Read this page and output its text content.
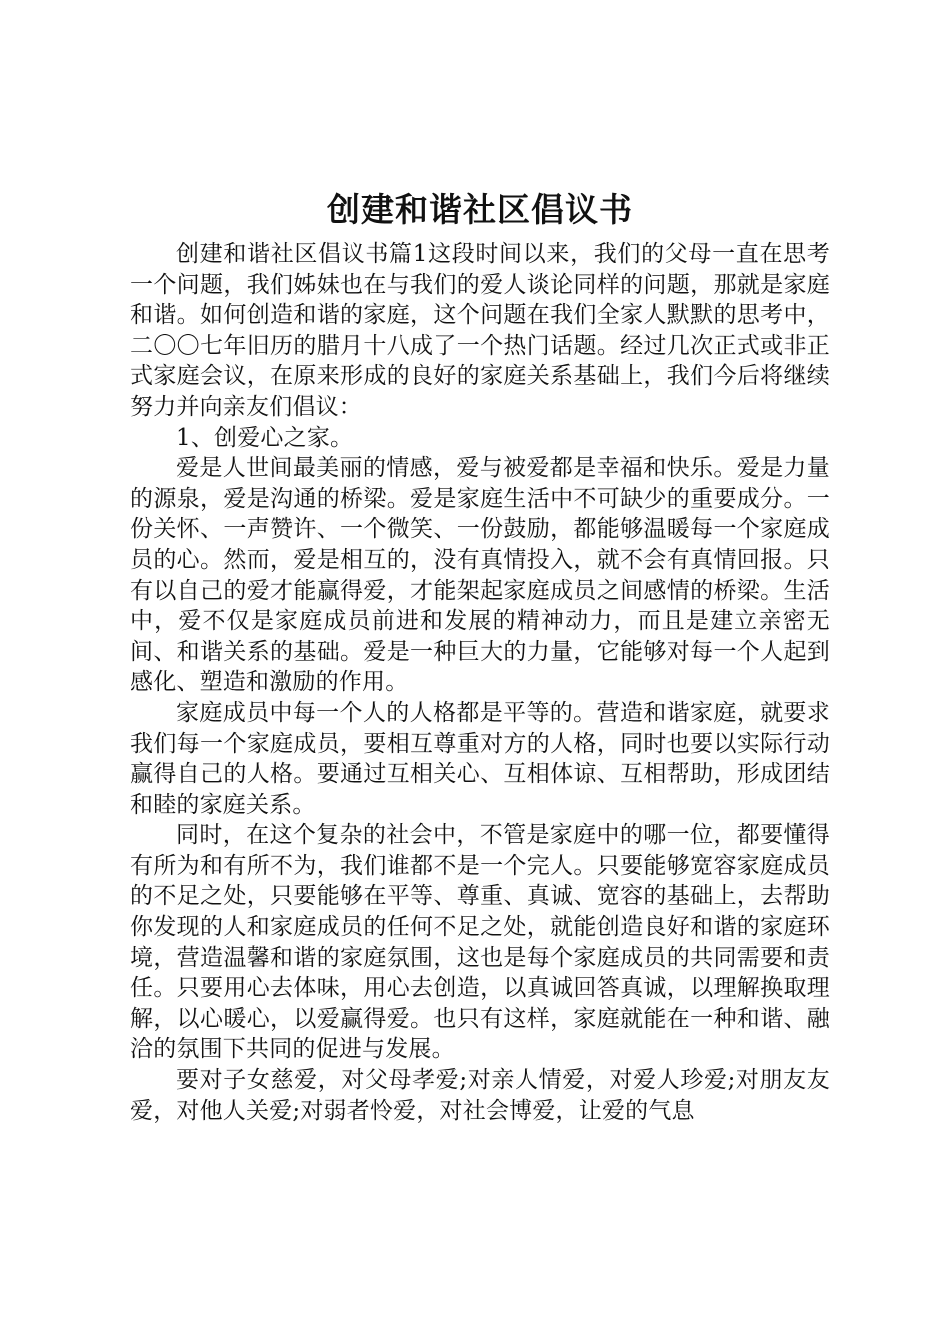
创建和谐社区倡议书

创建和谐社区倡议书篇1这段时间以来，我们的父母一直在思考一个问题，我们姊妹也在与我们的爱人谈论同样的问题，那就是家庭和谐。如何创造和谐的家庭，这个问题在我们全家人默默的思考中，二〇〇七年旧历的腊月十八成了一个热门话题。经过几次正式或非正式家庭会议，在原来形成的良好的家庭关系基础上，我们今后将继续努力并向亲友们倡议：

1、创爱心之家。

爱是人世间最美丽的情感，爱与被爱都是幸福和快乐。爱是力量的源泉，爱是沟通的桥梁。爱是家庭生活中不可缺少的重要成分。一份关怀、一声赞许、一个微笑、一份鼓励，都能够温暖每一个家庭成员的心。然而，爱是相互的，没有真情投入，就不会有真情回报。只有以自己的爱才能赢得爱，才能架起家庭成员之间感情的桥梁。生活中，爱不仅是家庭成员前进和发展的精神动力，而且是建立亲密无间、和谐关系的基础。爱是一种巨大的力量，它能够对每一个人起到感化、塑造和激励的作用。

家庭成员中每一个人的人格都是平等的。营造和谐家庭，就要求我们每一个家庭成员，要相互尊重对方的人格，同时也要以实际行动赢得自己的人格。要通过互相关心、互相体谅、互相帮助，形成团结和睦的家庭关系。

同时，在这个复杂的社会中，不管是家庭中的哪一位，都要懂得有所为和有所不为，我们谁都不是一个完人。只要能够宽容家庭成员的不足之处，只要能够在平等、尊重、真诚、宽容的基础上，去帮助你发现的人和家庭成员的任何不足之处，就能创造良好和谐的家庭环境，营造温馨和谐的家庭氛围，这也是每个家庭成员的共同需要和责任。只要用心去体味，用心去创造，以真诚回答真诚，以理解换取理解，以心暖心，以爱赢得爱。也只有这样，家庭就能在一种和谐、融洽的氛围下共同的促进与发展。

要对子女慈爱，对父母孝爱;对亲人情爱，对爱人珍爱;对朋友友爱，对他人关爱;对弱者怜爱，对社会博爱，让爱的气息
